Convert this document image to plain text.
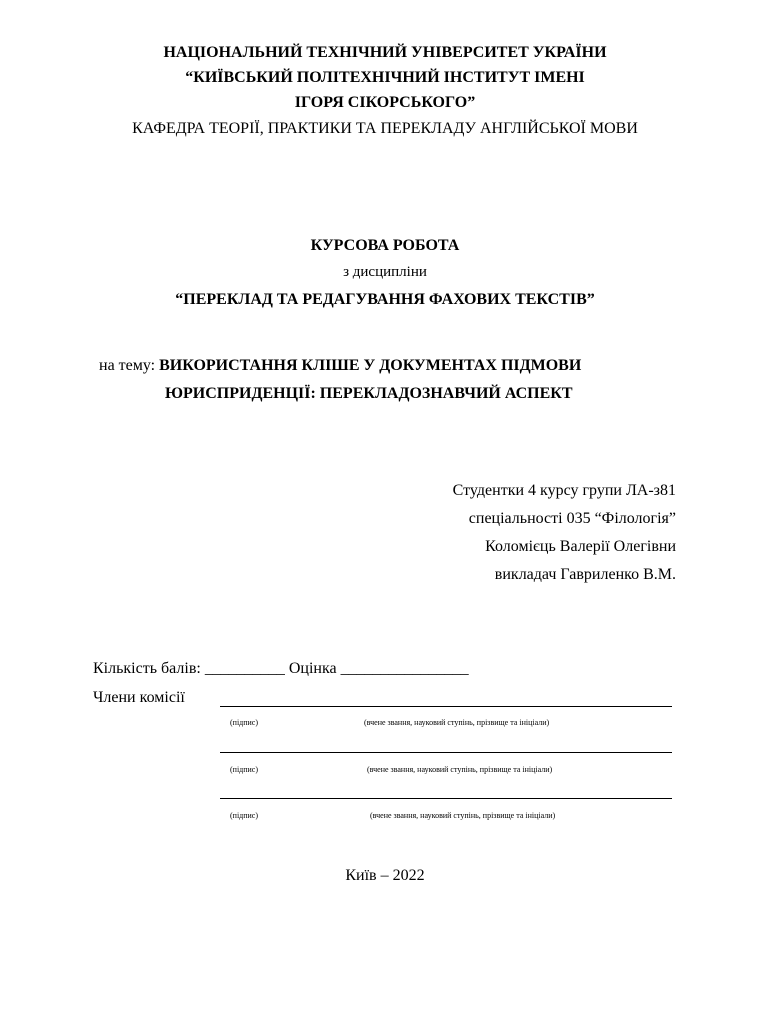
НАЦІОНАЛЬНИЙ ТЕХНІЧНИЙ УНІВЕРСИТЕТ УКРАЇНИ
“КИЇВСЬКИЙ ПОЛІТЕХНІЧНИЙ ІНСТИТУТ ІМЕНІ
ІГОРЯ СІКОРСЬКОГО”
КАФЕДРА ТЕОРІЇ, ПРАКТИКИ ТА ПЕРЕКЛАДУ АНГЛІЙСЬКОЇ МОВИ
КУРСОВА РОБОТА
з дисципліни
“ПЕРЕКЛАД ТА РЕДАГУВАННЯ ФАХОВИХ ТЕКСТІВ”
на тему: ВИКОРИСТАННЯ КЛІШЕ У ДОКУМЕНТАХ ПІДМОВИ
ЮРИСПРИДЕНЦІЇ: ПЕРЕКЛАДОЗНАВЧИЙ АСПЕКТ
Студентки 4 курсу групи ЛА-з81
спеціальності 035 “Філологія”
Коломієць Валерії Олегівни
викладач Гавриленко В.М.
Кількість балів: __________ Оцінка ________________
Члени комісії
(підпис)	(вчене звання, науковий ступінь, прізвище та ініціали)
(підпис)	(вчене звання, науковий ступінь, прізвище та ініціали)
(підпис)	(вчене звання, науковий ступінь, прізвище та ініціали)
Київ – 2022
